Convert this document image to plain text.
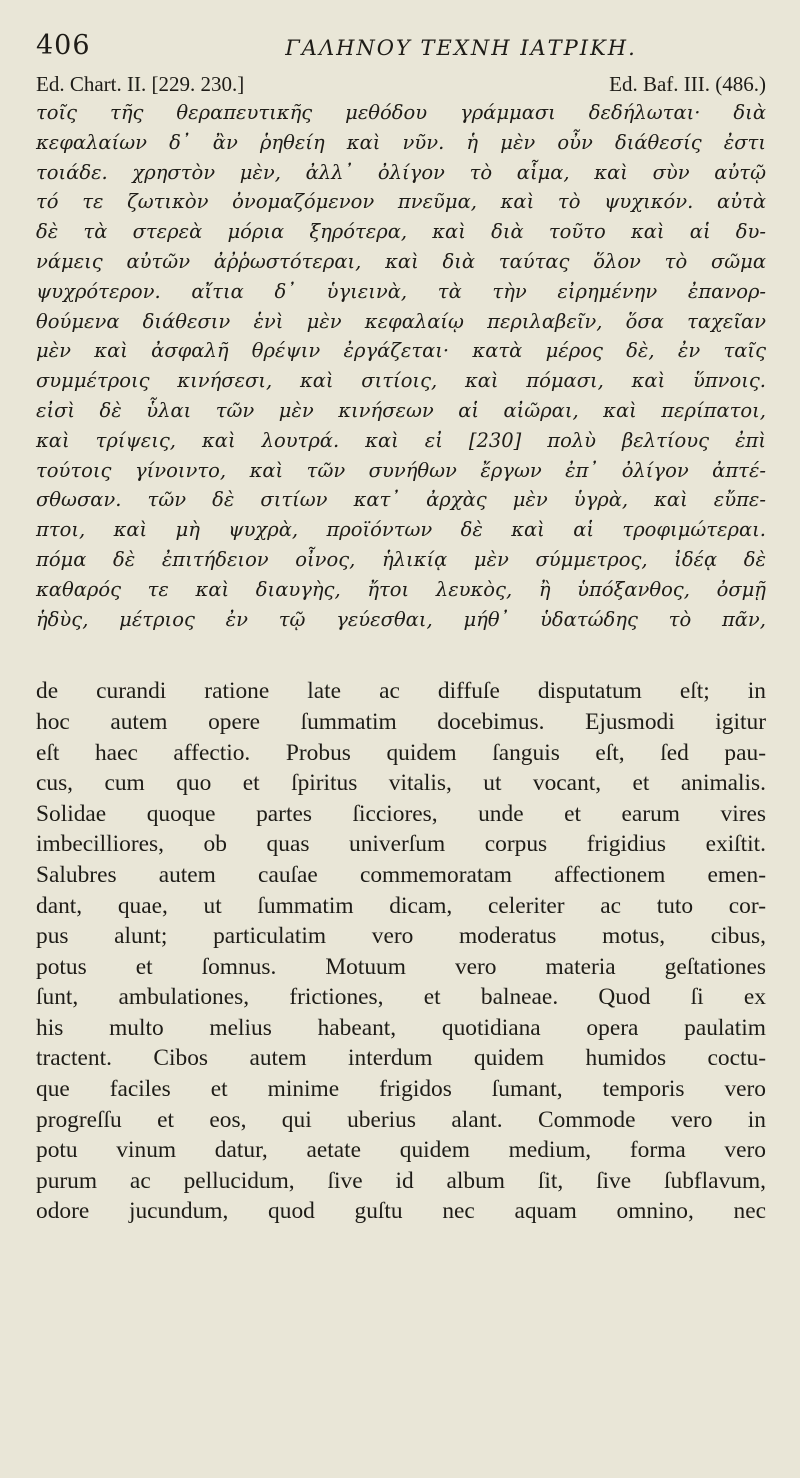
406	ΓΑΛΗΝΟΥ ΤΕΧΝΗ ΙΑΤΡΙΚΗ.
Ed. Chart. II. [229. 230.]	Ed. Baf. III. (486.)
τοῖς τῆς θεραπευτικῆς μεθόδου γράμμασι δεδήλωται· διὰ
κεφαλαίων δ᾽ ἂν ῥηθείη καὶ νῦν. ἡ μὲν οὖν διάθεσίς ἐστι
τοιάδε. χρηστὸν μὲν, ἀλλ᾽ ὀλίγον τὸ αἷμα, καὶ σὺν αὐτῷ
τό τε ζωτικὸν ὀνομαζόμενον πνεῦμα, καὶ τὸ ψυχικόν. αὐτὰ
δὲ τὰ στερεὰ μόρια ξηρότερα, καὶ διὰ τοῦτο καὶ αἱ δυ-
νάμεις αὐτῶν ἀῤῥωστότεραι, καὶ διὰ ταύτας ὅλον τὸ σῶμα
ψυχρότερον. αἴτια δ᾽ ὑγιεινὰ, τὰ τὴν εἰρημένην ἐπανορ-
θούμενα διάθεσιν ἑνὶ μὲν κεφαλαίῳ περιλαβεῖν, ὅσα ταχεῖαν
μὲν καὶ ἀσφαλῆ θρέψιν ἐργάζεται· κατὰ μέρος δὲ, ἐν ταῖς
συμμέτροις κινήσεσι, καὶ σιτίοις, καὶ πόμασι, καὶ ὕπνοις.
εἰσὶ δὲ ὗλαι τῶν μὲν κινήσεων αἱ αἰῶραι, καὶ περίπατοι,
καὶ τρίψεις, καὶ λουτρά. καὶ εἰ [230] πολὺ βελτίους ἐπὶ
τούτοις γίνοιντο, καὶ τῶν συνήθων ἔργων ἐπ᾽ ὀλίγον ἀπτέ-
σθωσαν. τῶν δὲ σιτίων κατ᾽ ἀρχὰς μὲν ὑγρὰ, καὶ εὔπε-
πτοι, καὶ μὴ ψυχρὰ, προϊόντων δὲ καὶ αἱ τροφιμώτεραι.
πόμα δὲ ἐπιτήδειον οἶνος, ἡλικίᾳ μὲν σύμμετρος, ἰδέᾳ δὲ
καθαρός τε καὶ διαυγὴς, ἤτοι λευκὸς, ἢ ὑπόξανθος, ὀσμῇ
ἡδὺς, μέτριος ἐν τῷ γεύεσθαι, μήθ᾽ ὑδατώδης τὸ πᾶν,
de curandi ratione late ac diffuſe disputatum eſt; in
hoc autem opere ſummatim docebimus. Ejusmodi igitur
eſt haec affectio. Probus quidem ſanguis eſt, ſed pau-
cus, cum quo et ſpiritus vitalis, ut vocant, et animalis.
Solidae quoque partes ſicciores, unde et earum vires
imbecilliores, ob quas univerſum corpus frigidius exiſtit.
Salubres autem cauſae commemoratam affectionem emen-
dant, quae, ut ſummatim dicam, celeriter ac tuto cor-
pus alunt; particulatim vero moderatus motus, cibus,
potus et ſomnus. Motuum vero materia geſtationes
ſunt, ambulationes, frictiones, et balneae. Quod ſi ex
his multo melius habeant, quotidiana opera paulatim
tractent. Cibos autem interdum quidem humidos coctu-
que faciles et minime frigidos ſumant, temporis vero
progreſſu et eos, qui uberius alant. Commode vero in
potu vinum datur, aetate quidem medium, forma vero
purum ac pellucidum, ſive id album ſit, ſive ſubflavum,
odore jucundum, quod guſtu nec aquam omnino, nec
